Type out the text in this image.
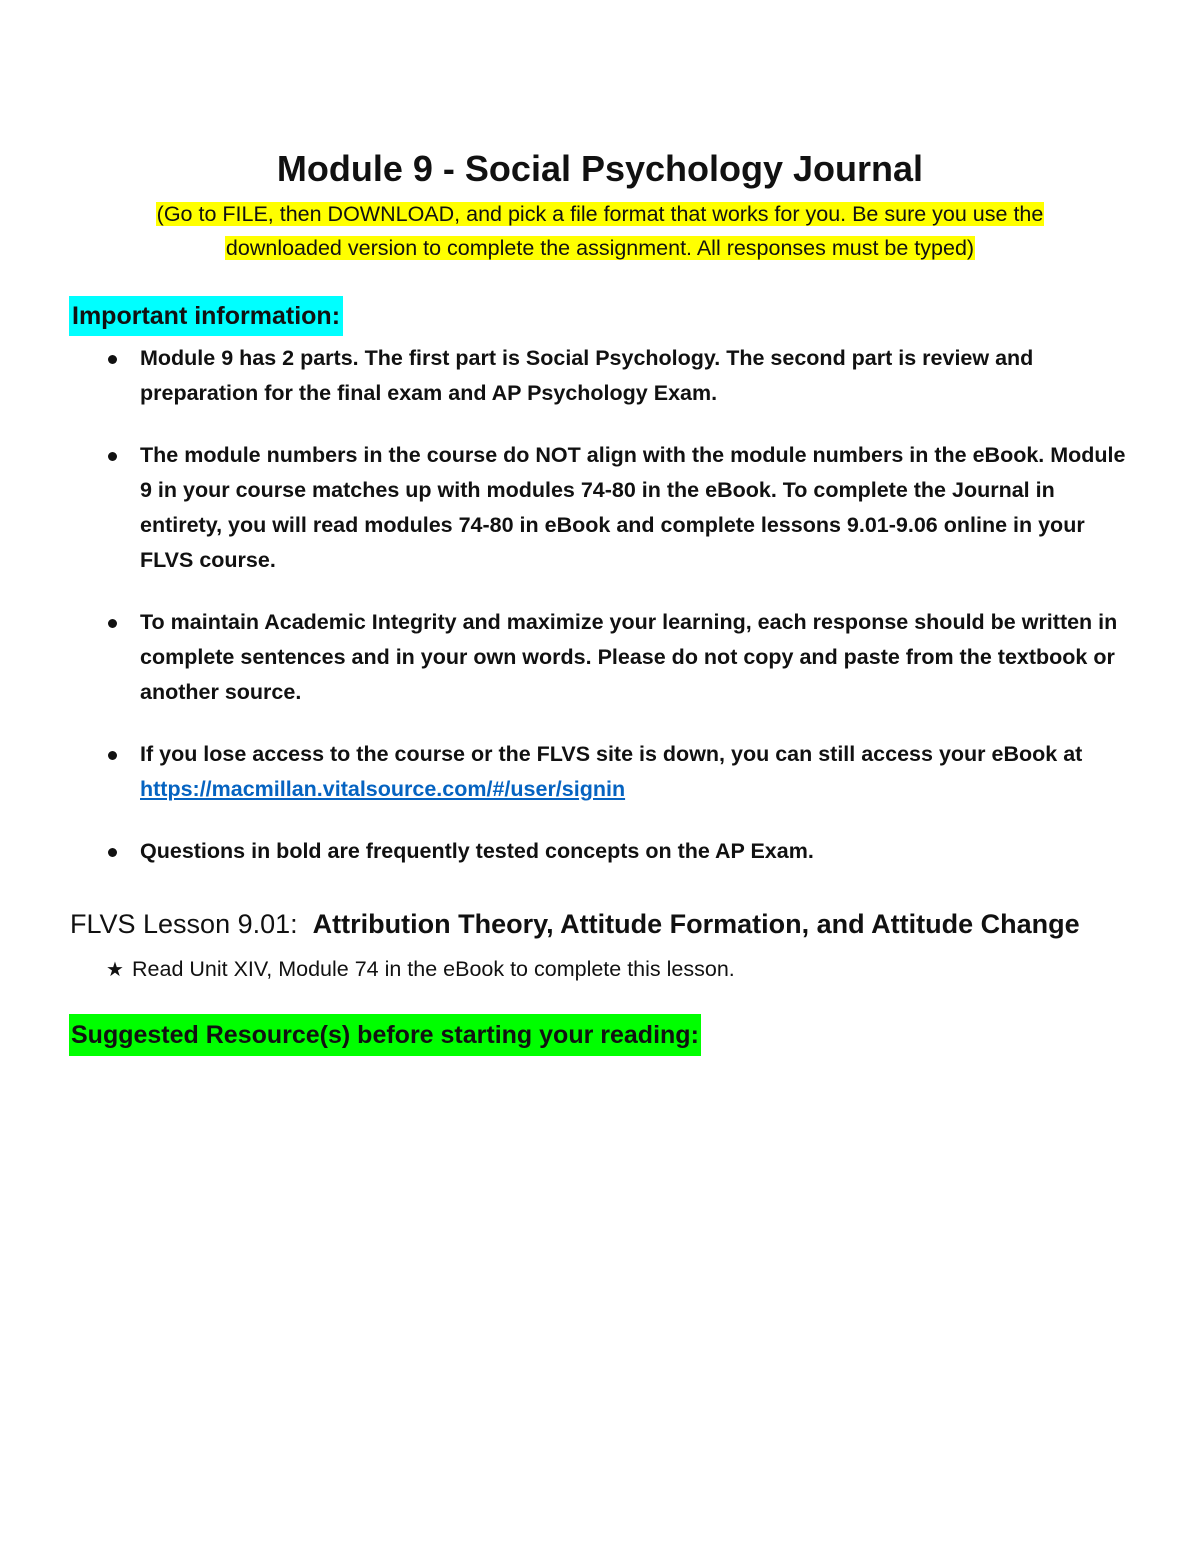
Module 9 - Social Psychology Journal
(Go to FILE, then DOWNLOAD, and pick a file format that works for you. Be sure you use the
downloaded version to complete the assignment. All responses must be typed)
Important information:
Module 9 has 2 parts. The first part is Social Psychology. The second part is review and preparation for the final exam and AP Psychology Exam.
The module numbers in the course do NOT align with the module numbers in the eBook. Module 9 in your course matches up with modules 74-80 in the eBook. To complete the Journal in entirety, you will read modules 74-80 in eBook and complete lessons 9.01-9.06 online in your FLVS course.
To maintain Academic Integrity and maximize your learning, each response should be written in complete sentences and in your own words. Please do not copy and paste from the textbook or another source.
If you lose access to the course or the FLVS site is down, you can still access your eBook at https://macmillan.vitalsource.com/#/user/signin
Questions in bold are frequently tested concepts on the AP Exam.
FLVS Lesson 9.01: Attribution Theory, Attitude Formation, and Attitude Change
★ Read Unit XIV, Module 74 in the eBook to complete this lesson.
Suggested Resource(s) before starting your reading:
